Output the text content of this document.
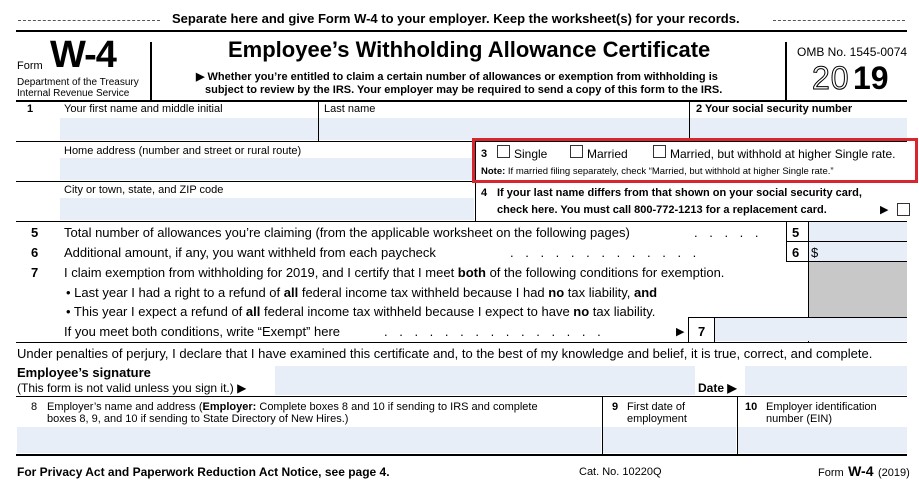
Separate here and give Form W-4 to your employer. Keep the worksheet(s) for your records.
Form W-4
Department of the Treasury
Internal Revenue Service
Employee’s Withholding Allowance Certificate
▶ Whether you’re entitled to claim a certain number of allowances or exemption from withholding is
subject to review by the IRS. Your employer may be required to send a copy of this form to the IRS.
OMB No. 1545-0074
20 19
1	Your first name and middle initial	Last name	2 Your social security number
Home address (number and street or rural route)
City or town, state, and ZIP code
3 Single	Married	Married, but withhold at higher Single rate.
Note: If married filing separately, check “Married, but withhold at higher Single rate.”
4 If your last name differs from that shown on your social security card,
check here. You must call 800-772-1213 for a replacement card.	▶
5 Total number of allowances you’re claiming (from the applicable worksheet on the following pages)	. . . . . 5
6 Additional amount, if any, you want withheld from each paycheck	. . . . . . . . . . . . .	6 $
7 I claim exemption from withholding for 2019, and I certify that I meet both of the following conditions for exemption.
• Last year I had a right to a refund of all federal income tax withheld because I had no tax liability, and
• This year I expect a refund of all federal income tax withheld because I expect to have no tax liability.
If you meet both conditions, write “Exempt” here	. . . . . . . . . . . . . . .	▶ 7
Under penalties of perjury, I declare that I have examined this certificate and, to the best of my knowledge and belief, it is true, correct, and complete.
Employee’s signature
(This form is not valid unless you sign it.) ▶	Date ▶
8 Employer’s name and address (Employer: Complete boxes 8 and 10 if sending to IRS and complete
boxes 8, 9, and 10 if sending to State Directory of New Hires.)
9 First date of
employment
10 Employer identification
number (EIN)
For Privacy Act and Paperwork Reduction Act Notice, see page 4.	Cat. No. 10220Q	Form W-4 (2019)
